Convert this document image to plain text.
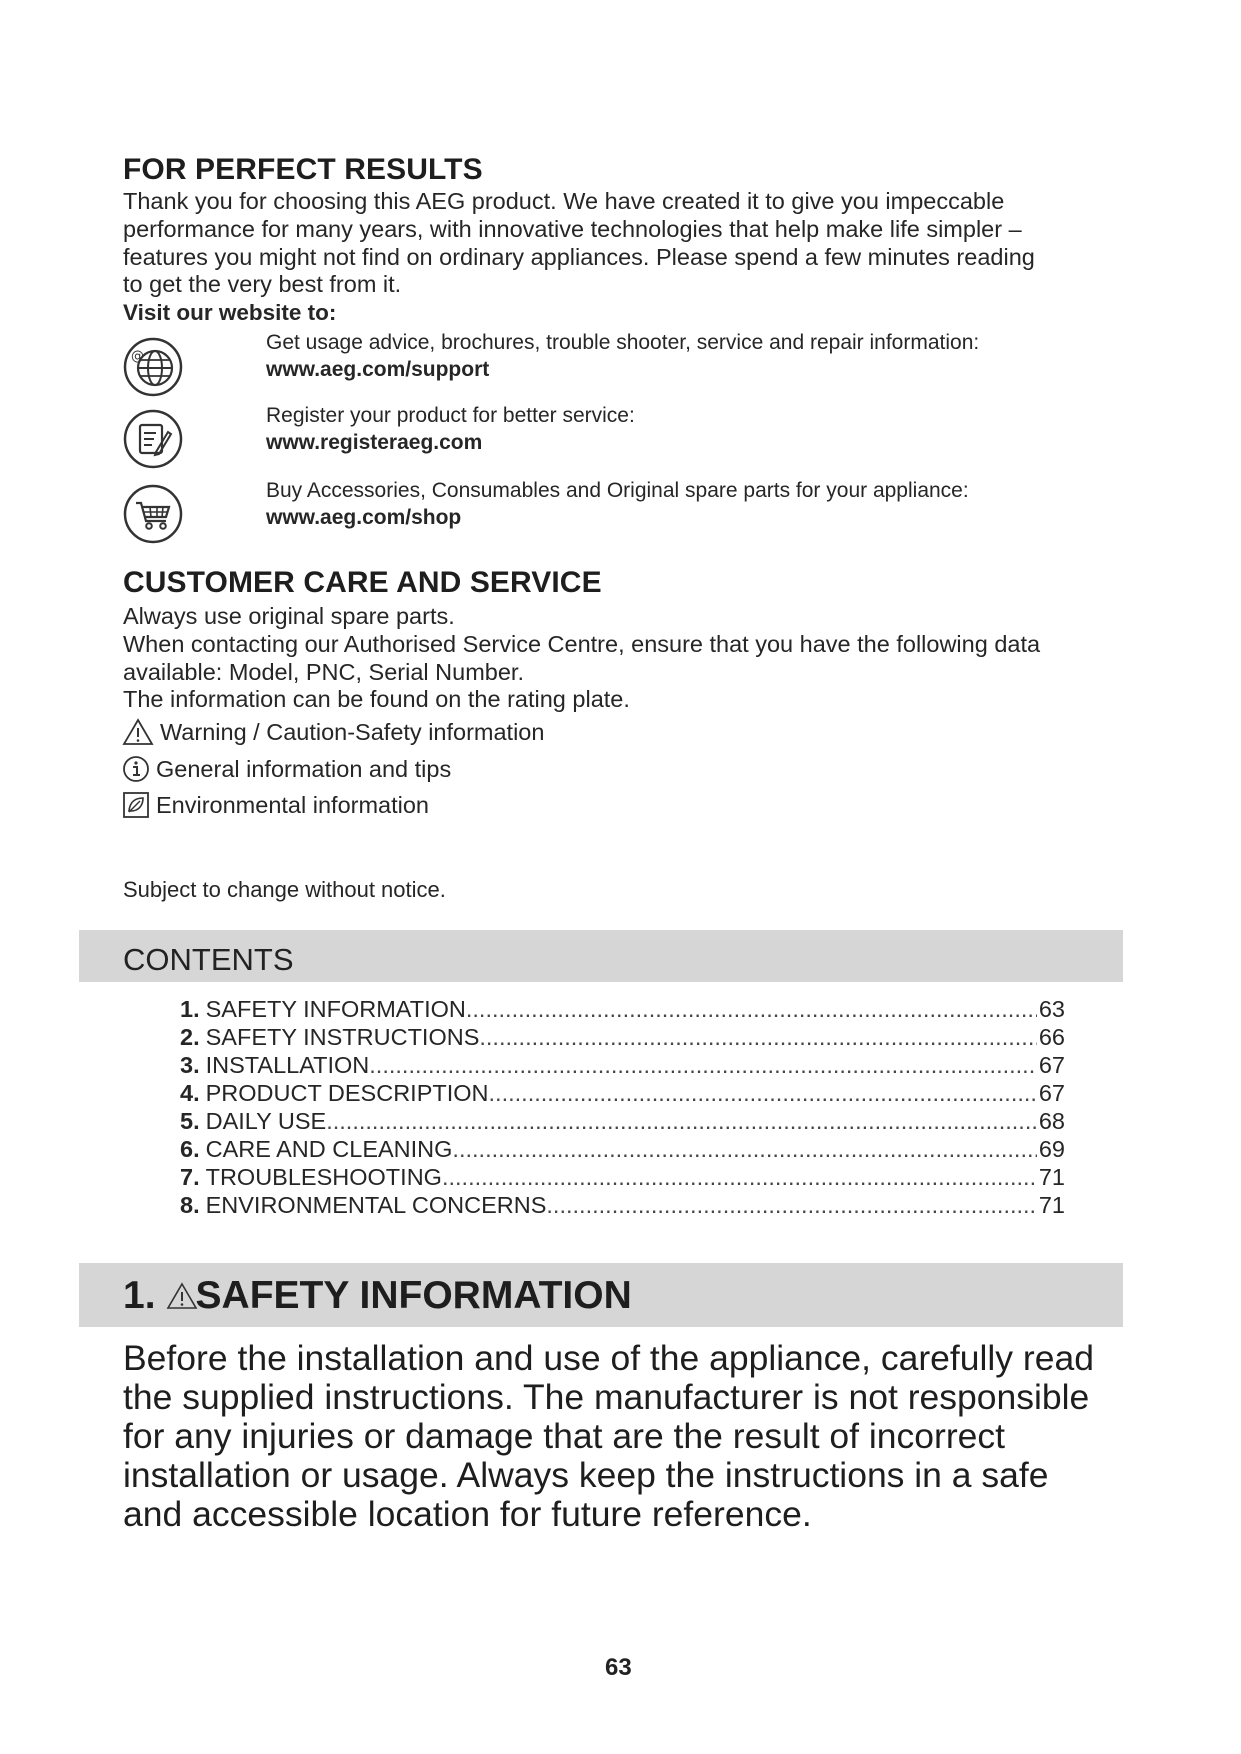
FOR PERFECT RESULTS
Thank you for choosing this AEG product. We have created it to give you impeccable
performance for many years, with innovative technologies that help make life simpler –
features you might not find on ordinary appliances. Please spend a few minutes reading
to get the very best from it.
Visit our website to:
@
Get usage advice, brochures, trouble shooter, service and repair information:
www.aeg.com/support
Register your product for better service:
www.registeraeg.com
Buy Accessories, Consumables and Original spare parts for your appliance:
www.aeg.com/shop
CUSTOMER CARE AND SERVICE
Always use original spare parts.
When contacting our Authorised Service Centre, ensure that you have the following data
available: Model, PNC, Serial Number.
The information can be found on the rating plate.
Warning / Caution-Safety information
General information and tips
Environmental information
Subject to change without notice.
CONTENTS
1. SAFETY INFORMATION .....	63
2. SAFETY INSTRUCTIONS .....	66
3. INSTALLATION .....	67
4. PRODUCT DESCRIPTION .....	67
5. DAILY USE .....	68
6. CARE AND CLEANING .....	69
7. TROUBLESHOOTING .....	71
8. ENVIRONMENTAL CONCERNS .....	71
1. SAFETY INFORMATION
Before the installation and use of the appliance, carefully read
the supplied instructions. The manufacturer is not responsible
for any injuries or damage that are the result of incorrect
installation or usage. Always keep the instructions in a safe
and accessible location for future reference.
63
